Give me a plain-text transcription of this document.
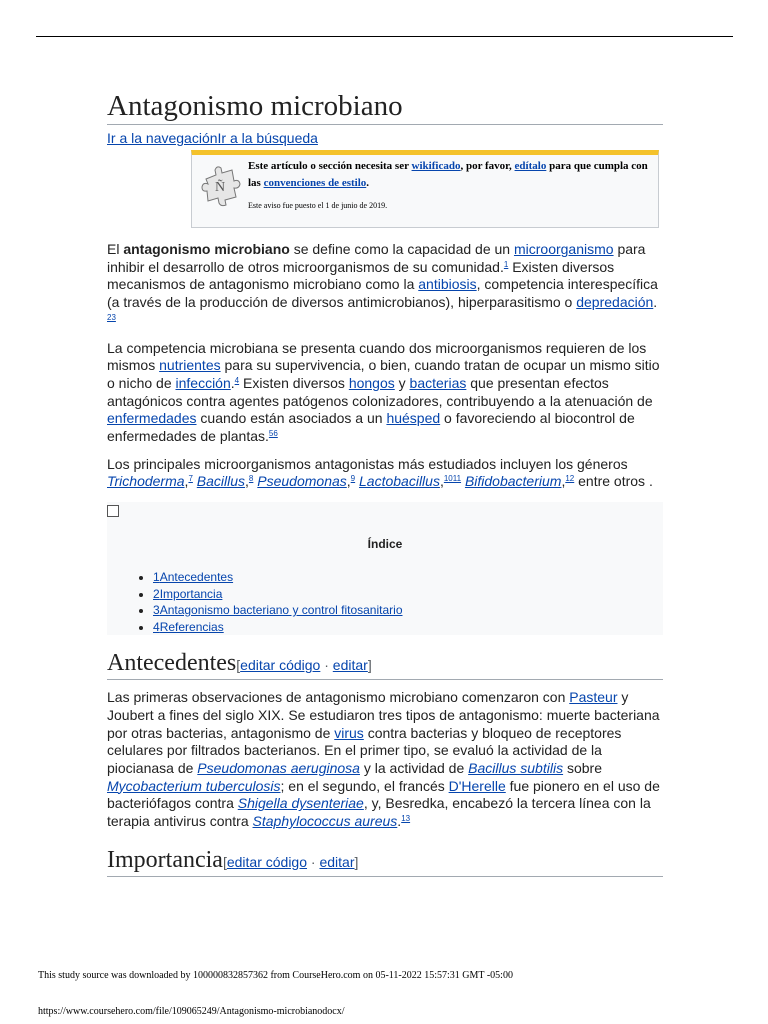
Antagonismo microbiano
Ir a la navegaciónIr a la búsqueda
Ñ
Este artículo o sección necesita ser wikificado, por favor, edítalo para que cumpla con las convenciones de estilo.
Este aviso fue puesto el 1 de junio de 2019.

El antagonismo microbiano se define como la capacidad de un microorganismo para inhibir el desarrollo de otros microorganismos de su comunidad.$^1$ Existen diversos mecanismos de antagonismo microbiano como la antibiosis, competencia interespecífica (a través de la producción de diversos antimicrobianos), hiperparasitismo o depredación. $^{23}$

La competencia microbiana se presenta cuando dos microorganismos requieren de los mismos nutrientes para su supervivencia, o bien, cuando tratan de ocupar un mismo sitio o nicho de infección.$^4$ Existen diversos hongos y bacterias que presentan efectos antagónicos contra agentes patógenos colonizadores, contribuyendo a la atenuación de enfermedades cuando están asociados a un huésped o favoreciendo al biocontrol de enfermedades de plantas.$^{56}$

Los principales microorganismos antagonistas más estudiados incluyen los géneros Trichoderma,$^7$ Bacillus,$^8$ Pseudomonas,$^9$ Lactobacillus,$^{1011}$ Bifidobacterium,$^{12}$ entre otros .

Índice
• 1Antecedentes
• 2Importancia
• 3Antagonismo bacteriano y control fitosanitario
• 4Referencias
Antecedentes[editar código · editar]

Las primeras observaciones de antagonismo microbiano comenzaron con Pasteur y Joubert a fines del siglo XIX. Se estudiaron tres tipos de antagonismo: muerte bacteriana por otras bacterias, antagonismo de virus contra bacterias y bloqueo de receptores celulares por filtrados bacterianos. En el primer tipo, se evaluó la actividad de la piocianasa de Pseudomonas aeruginosa y la actividad de Bacillus subtilis sobre Mycobacterium tuberculosis; en el segundo, el francés D'Herelle fue pionero en el uso de bacteriófagos contra Shigella dysenteriae, y, Besredka, encabezó la tercera línea con la terapia antivirus contra Staphylococcus aureus.$^{13}$

Importancia[editar código · editar]
This study source was downloaded by 100000832857362 from CourseHero.com on 05-11-2022 15:57:31 GMT -05:00
https://www.coursehero.com/file/109065249/Antagonismo-microbianodocx/
